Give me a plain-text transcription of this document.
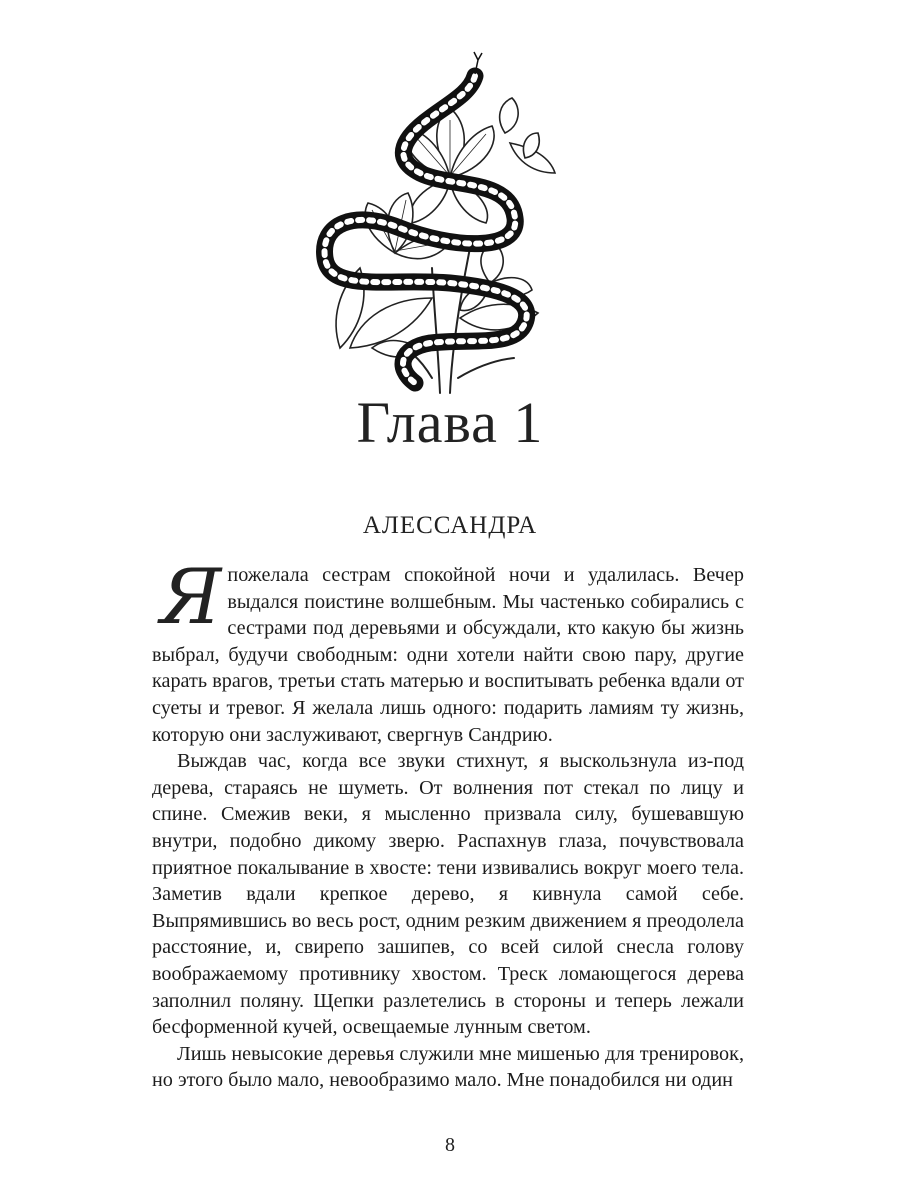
Глава 1
АЛЕССАНДРА

Я пожелала сестрам спокойной ночи и удалилась. Вечер выдался поистине волшебным. Мы частенько собирались с сестрами под деревьями и обсуждали, кто какую бы жизнь выбрал, будучи свободным: одни хотели найти свою пару, другие карать врагов, третьи стать матерью и воспитывать ребенка вдали от суеты и тревог. Я желала лишь одного: подарить ламиям ту жизнь, которую они заслуживают, свергнув Сандрию.

Выждав час, когда все звуки стихнут, я выскользнула из-под дерева, стараясь не шуметь. От волнения пот стекал по лицу и спине. Смежив веки, я мысленно призвала силу, бушевавшую внутри, подобно дикому зверю. Распахнув глаза, почувствовала приятное покалывание в хвосте: тени извивались вокруг моего тела. Заметив вдали крепкое дерево, я кивнула самой себе. Выпрямившись во весь рост, одним резким движением я преодолела расстояние, и, свирепо зашипев, со всей силой снесла голову воображаемому противнику хвостом. Треск ломающегося дерева заполнил поляну. Щепки разлетелись в стороны и теперь лежали бесформенной кучей, освещаемые лунным светом.

Лишь невысокие деревья служили мне мишенью для тренировок, но этого было мало, невообразимо мало. Мне понадобился ни один

8
